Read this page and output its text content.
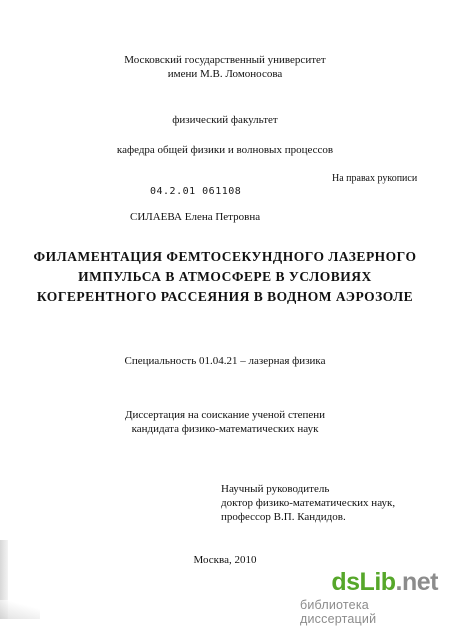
Московский государственный университет
имени М.В. Ломоносова
физический факультет
кафедра общей физики и волновых процессов
На правах рукописи
04.2.01 061108
СИЛАЕВА Елена Петровна
ФИЛАМЕНТАЦИЯ ФЕМТОСЕКУНДНОГО ЛАЗЕРНОГО
ИМПУЛЬСА В АТМОСФЕРЕ В УСЛОВИЯХ
КОГЕРЕНТНОГО РАССЕЯНИЯ В ВОДНОМ АЭРОЗОЛЕ
Специальность 01.04.21 – лазерная физика
Диссертация на соискание ученой степени
кандидата физико-математических наук
Научный руководитель
доктор физико-математических наук,
профессор В.П. Кандидов.
Москва, 2010
dsLib.net
библиотека диссертаций
